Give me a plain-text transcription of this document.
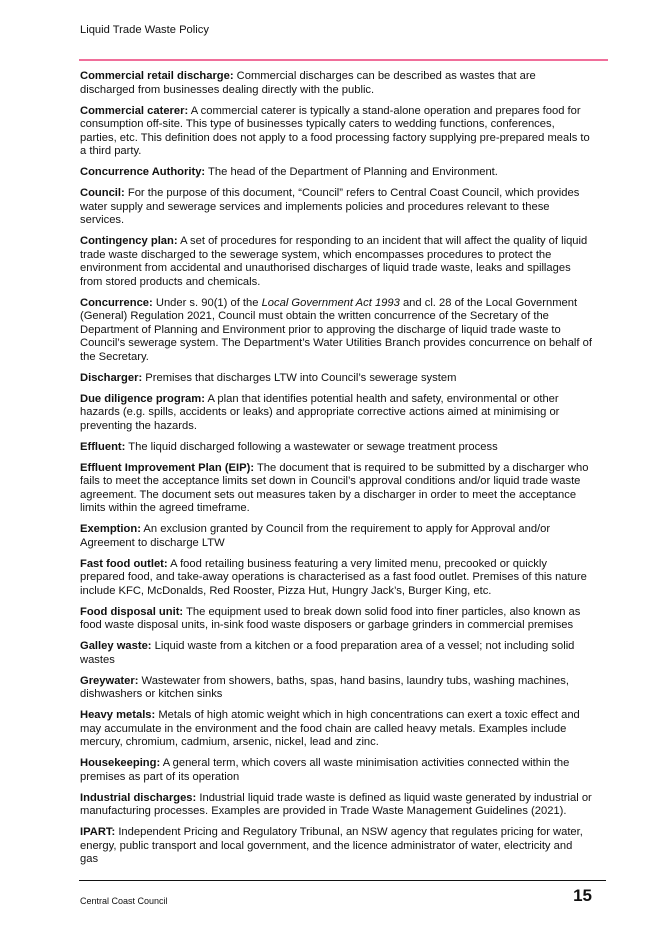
Liquid Trade Waste Policy

Commercial retail discharge: Commercial discharges can be described as wastes that are discharged from businesses dealing directly with the public.

Commercial caterer: A commercial caterer is typically a stand-alone operation and prepares food for consumption off-site. This type of businesses typically caters to wedding functions, conferences, parties, etc. This definition does not apply to a food processing factory supplying pre-prepared meals to a third party.

Concurrence Authority: The head of the Department of Planning and Environment.

Council: For the purpose of this document, “Council” refers to Central Coast Council, which provides water supply and sewerage services and implements policies and procedures relevant to these services.

Contingency plan: A set of procedures for responding to an incident that will affect the quality of liquid trade waste discharged to the sewerage system, which encompasses procedures to protect the environment from accidental and unauthorised discharges of liquid trade waste, leaks and spillages from stored products and chemicals.

Concurrence: Under s. 90(1) of the Local Government Act 1993 and cl. 28 of the Local Government (General) Regulation 2021, Council must obtain the written concurrence of the Secretary of the Department of Planning and Environment prior to approving the discharge of liquid trade waste to Council’s sewerage system. The Department’s Water Utilities Branch provides concurrence on behalf of the Secretary.

Discharger: Premises that discharges LTW into Council’s sewerage system

Due diligence program: A plan that identifies potential health and safety, environmental or other hazards (e.g. spills, accidents or leaks) and appropriate corrective actions aimed at minimising or preventing the hazards.

Effluent: The liquid discharged following a wastewater or sewage treatment process

Effluent Improvement Plan (EIP): The document that is required to be submitted by a discharger who fails to meet the acceptance limits set down in Council’s approval conditions and/or liquid trade waste agreement. The document sets out measures taken by a discharger in order to meet the acceptance limits within the agreed timeframe.

Exemption: An exclusion granted by Council from the requirement to apply for Approval and/or Agreement to discharge LTW

Fast food outlet: A food retailing business featuring a very limited menu, precooked or quickly prepared food, and take-away operations is characterised as a fast food outlet. Premises of this nature include KFC, McDonalds, Red Rooster, Pizza Hut, Hungry Jack’s, Burger King, etc.

Food disposal unit: The equipment used to break down solid food into finer particles, also known as food waste disposal units, in-sink food waste disposers or garbage grinders in commercial premises

Galley waste: Liquid waste from a kitchen or a food preparation area of a vessel; not including solid wastes

Greywater: Wastewater from showers, baths, spas, hand basins, laundry tubs, washing machines, dishwashers or kitchen sinks

Heavy metals: Metals of high atomic weight which in high concentrations can exert a toxic effect and may accumulate in the environment and the food chain are called heavy metals. Examples include mercury, chromium, cadmium, arsenic, nickel, lead and zinc.

Housekeeping: A general term, which covers all waste minimisation activities connected within the premises as part of its operation

Industrial discharges: Industrial liquid trade waste is defined as liquid waste generated by industrial or manufacturing processes. Examples are provided in Trade Waste Management Guidelines (2021).

IPART: Independent Pricing and Regulatory Tribunal, an NSW agency that regulates pricing for water, energy, public transport and local government, and the licence administrator of water, electricity and gas

Central Coast Council	15
